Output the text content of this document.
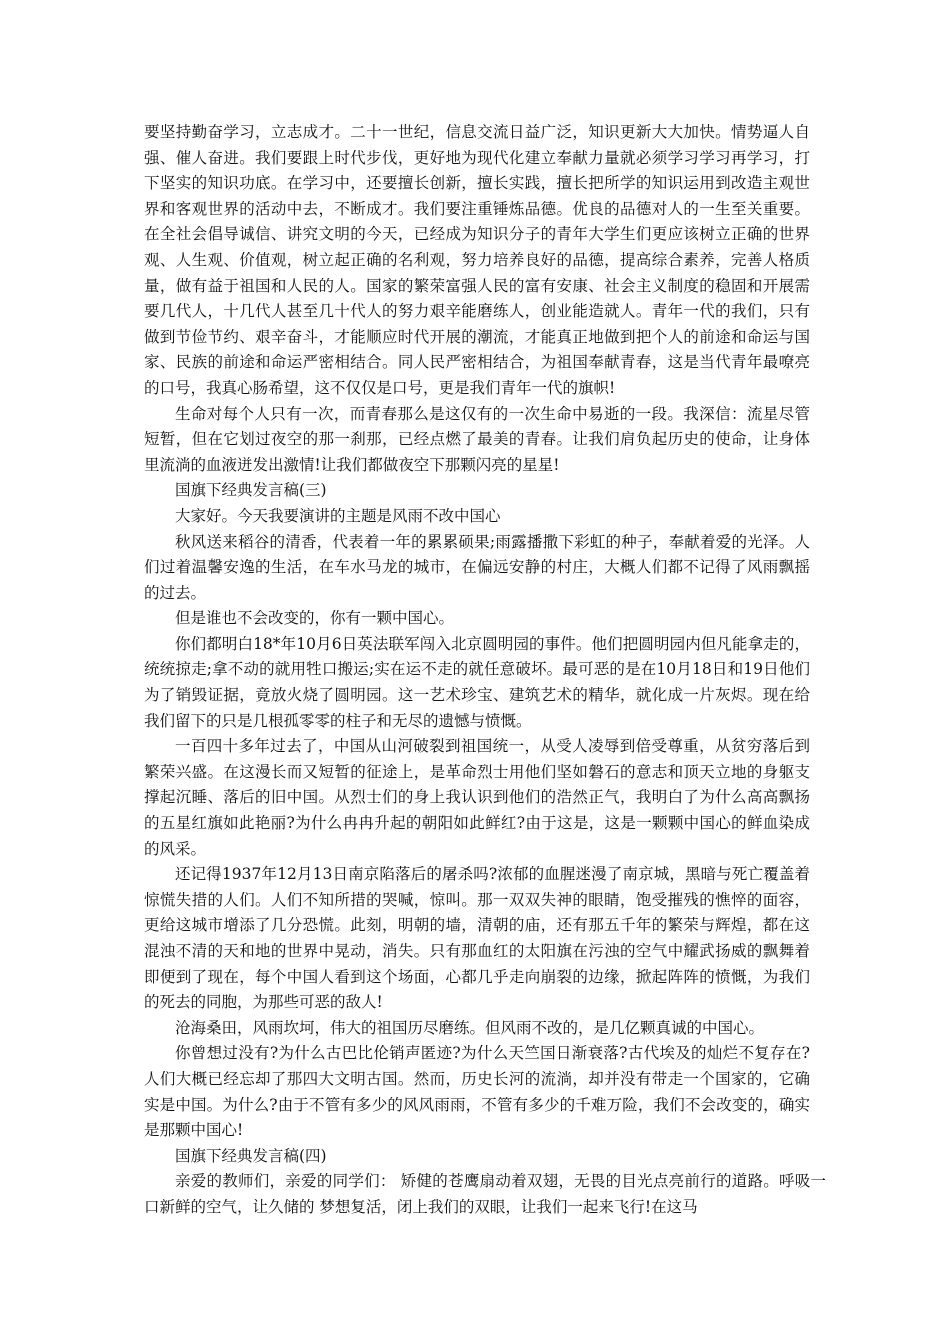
要坚持勤奋学习，立志成才。二十一世纪，信息交流日益广泛，知识更新大大加快。情势逼人自强、催人奋进。我们要跟上时代步伐，更好地为现代化建立奉献力量就必须学习学习再学习，打下坚实的知识功底。在学习中，还要擅长创新，擅长实践，擅长把所学的知识运用到改造主观世界和客观世界的活动中去，不断成才。我们要注重锤炼品德。优良的品德对人的一生至关重要。在全社会倡导诚信、讲究文明的今天，已经成为知识分子的青年大学生们更应该树立正确的世界观、人生观、价值观，树立起正确的名利观，努力培养良好的品德，提高综合素养，完善人格质量，做有益于祖国和人民的人。国家的繁荣富强人民的富有安康、社会主义制度的稳固和开展需要几代人，十几代人甚至几十代人的努力艰辛能磨练人，创业能造就人。青年一代的我们，只有做到节俭节约、艰辛奋斗，才能顺应时代开展的潮流，才能真正地做到把个人的前途和命运与国家、民族的前途和命运严密相结合。同人民严密相结合，为祖国奉献青春，这是当代青年最嘹亮的口号，我真心肠希望，这不仅仅是口号，更是我们青年一代的旗帜!

生命对每个人只有一次，而青春那么是这仅有的一次生命中易逝的一段。我深信：流星尽管短暂，但在它划过夜空的那一刹那，已经点燃了最美的青春。让我们肩负起历史的使命，让身体里流淌的血液迸发出激情!让我们都做夜空下那颗闪亮的星星!

国旗下经典发言稿(三)

大家好。今天我要演讲的主题是风雨不改中国心

秋风送来稻谷的清香，代表着一年的累累硕果;雨露播撒下彩虹的种子，奉献着爱的光泽。人们过着温馨安逸的生活，在车水马龙的城市，在偏远安静的村庄，大概人们都不记得了风雨飘摇的过去。

但是谁也不会改变的，你有一颗中国心。

你们都明白18*年10月6日英法联军闯入北京圆明园的事件。他们把圆明园内但凡能拿走的，统统掠走;拿不动的就用牲口搬运;实在运不走的就任意破坏。最可恶的是在10月18日和19日他们为了销毁证据，竟放火烧了圆明园。这一艺术珍宝、建筑艺术的精华，就化成一片灰烬。现在给我们留下的只是几根孤零零的柱子和无尽的遗憾与愤慨。

一百四十多年过去了，中国从山河破裂到祖国统一，从受人凌辱到倍受尊重，从贫穷落后到繁荣兴盛。在这漫长而又短暂的征途上，是革命烈士用他们坚如磐石的意志和顶天立地的身躯支撑起沉睡、落后的旧中国。从烈士们的身上我认识到他们的浩然正气，我明白了为什么高高飘扬的五星红旗如此艳丽?为什么冉冉升起的朝阳如此鲜红?由于这是，这是一颗颗中国心的鲜血染成的风采。

还记得1937年12月13日南京陷落后的屠杀吗?浓郁的血腥迷漫了南京城，黑暗与死亡覆盖着惊慌失措的人们。人们不知所措的哭喊，惊叫。那一双双失神的眼睛，饱受摧残的憔悴的面容，更给这城市增添了几分恐慌。此刻，明朝的墙，清朝的庙，还有那五千年的繁荣与辉煌，都在这混浊不清的天和地的世界中晃动，消失。只有那血红的太阳旗在污浊的空气中耀武扬威的飘舞着即便到了现在，每个中国人看到这个场面，心都几乎走向崩裂的边缘，掀起阵阵的愤慨，为我们的死去的同胞，为那些可恶的敌人!

沧海桑田，风雨坎坷，伟大的祖国历尽磨练。但风雨不改的，是几亿颗真诚的中国心。

你曾想过没有?为什么古巴比伦销声匿迹?为什么天竺国日渐衰落?古代埃及的灿烂不复存在?人们大概已经忘却了那四大文明古国。然而，历史长河的流淌，却并没有带走一个国家的，它确实是中国。为什么?由于不管有多少的风风雨雨，不管有多少的千难万险，我们不会改变的，确实是那颗中国心!

国旗下经典发言稿(四)

亲爱的教师们，亲爱的同学们： 矫健的苍鹰扇动着双翅，无畏的目光点亮前行的道路。呼吸一口新鲜的空气，让久储的 梦想复活，闭上我们的双眼，让我们一起来飞行!在这马
